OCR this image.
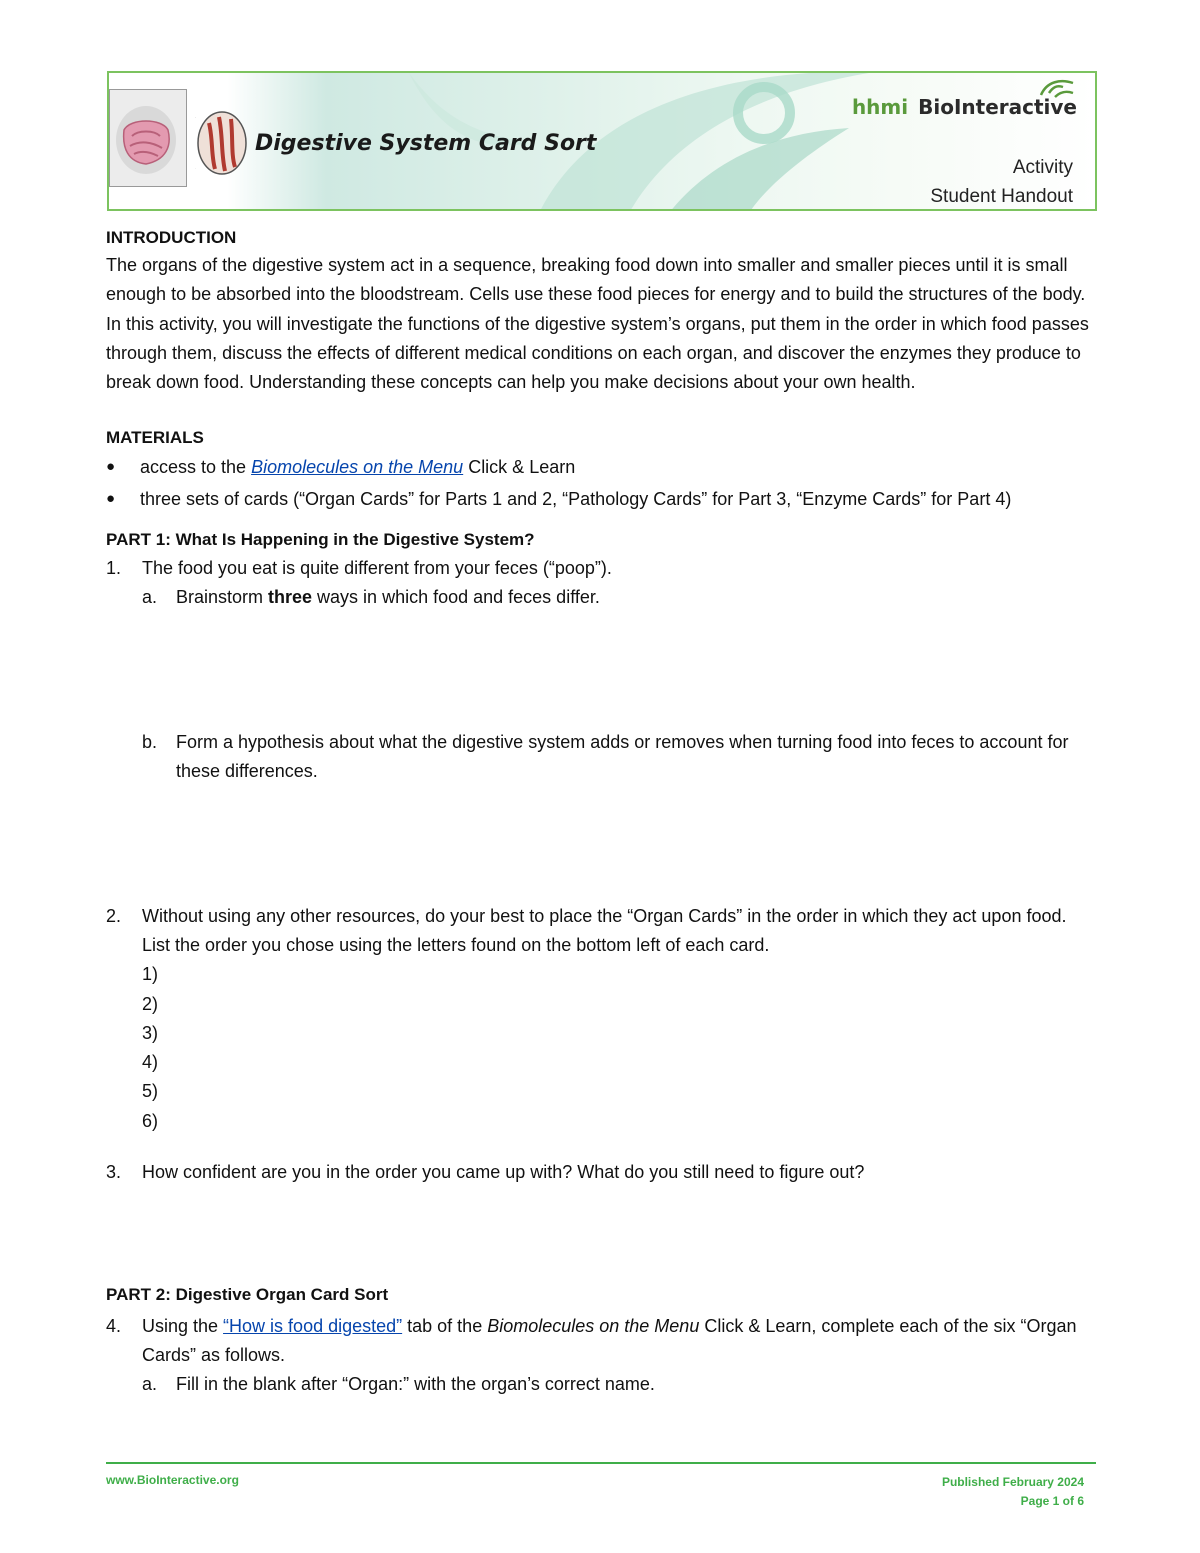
Digestive System Card Sort
hhmi BioInteractive
Activity
Student Handout

INTRODUCTION

The organs of the digestive system act in a sequence, breaking food down into smaller and smaller pieces until it is small enough to be absorbed into the bloodstream. Cells use these food pieces for energy and to build the structures of the body. In this activity, you will investigate the functions of the digestive system’s organs, put them in the order in which food passes through them, discuss the effects of different medical conditions on each organ, and discover the enzymes they produce to break down food. Understanding these concepts can help you make decisions about your own health.

MATERIALS

●	access to the Biomolecules on the Menu Click & Learn
●	three sets of cards (“Organ Cards” for Parts 1 and 2, “Pathology Cards” for Part 3, “Enzyme Cards” for Part 4)

PART 1: What Is Happening in the Digestive System?

1.	The food you eat is quite different from your feces (“poop”).
a.	Brainstorm three ways in which food and feces differ.
b.	Form a hypothesis about what the digestive system adds or removes when turning food into feces to account for these differences.
2.	Without using any other resources, do your best to place the “Organ Cards” in the order in which they act upon food. List the order you chose using the letters found on the bottom left of each card.
1)
2)
3)
4)
5)
6)
3.	How confident are you in the order you came up with? What do you still need to figure out?

PART 2: Digestive Organ Card Sort

4.	Using the “How is food digested” tab of the Biomolecules on the Menu Click & Learn, complete each of the six “Organ Cards” as follows.
a.	Fill in the blank after “Organ:” with the organ’s correct name.
www.BioInteractive.org	Published February 2024
Page 1 of 6
